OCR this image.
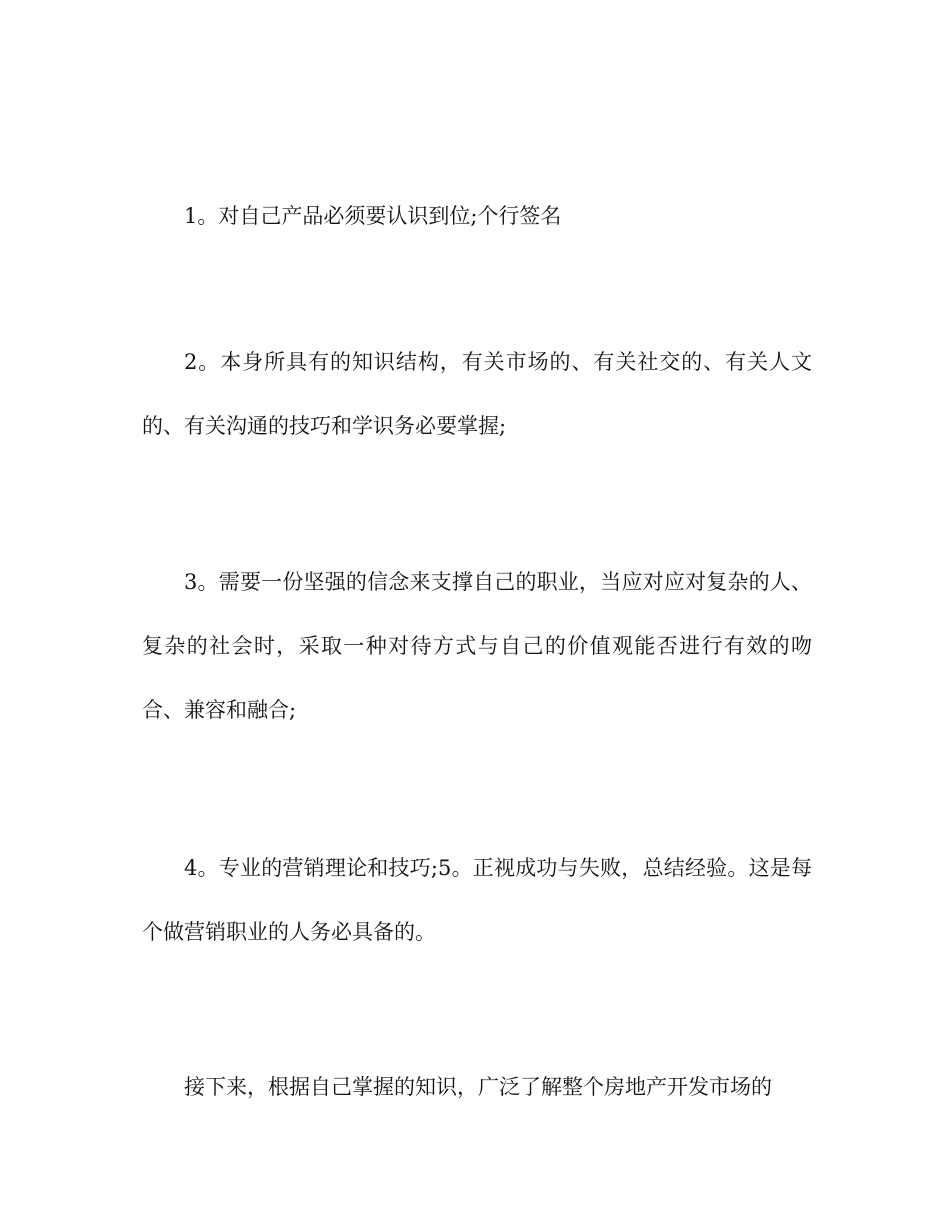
1。对自己产品必须要认识到位;个行签名

2。本身所具有的知识结构，有关市场的、有关社交的、有关人文的、有关沟通的技巧和学识务必要掌握;

3。需要一份坚强的信念来支撑自己的职业，当应对应对复杂的人、复杂的社会时，采取一种对待方式与自己的价值观能否进行有效的吻合、兼容和融合;

4。专业的营销理论和技巧;5。正视成功与失败，总结经验。这是每个做营销职业的人务必具备的。

接下来，根据自己掌握的知识，广泛了解整个房地产开发市场的
